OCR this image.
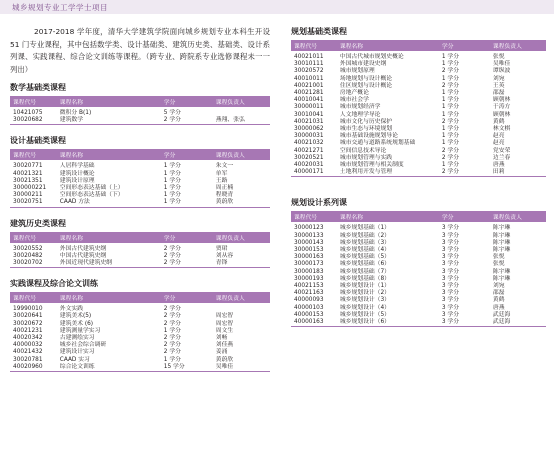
城乡规划专业工学学士项目

2017-2018 学年度，清华大学建筑学院面向城乡规划专业本科生开设 51 门专业课程，其中包括数学类、设计基础类、建筑历史类、基础类、设计系列课、实践课程、综合论文训练等课程。（跨专业、跨院系专业选修课程未一一列出）

数学基础类课程
课程代号	课程名称	学分	课程负责人
10421075	微积分 B(1)	5 学分	
30020682	建筑数学	2 学分	燕翔、张弘

设计基础类课程
课程代号	课程名称	学分	课程负责人
30020771	人居科学基础	1 学分	朱文一
40021321	建筑设计概论	1 学分	单军
30021351	建筑设计原理	1 学分	王路
300000221	空间形态表达基础（上）	1 学分	周正楠
30000211	空间形态表达基础（下）	1 学分	程晓青
30020751	CAAD 方法	1 学分	黄蔚欣

建筑历史类课程
课程代号	课程名称	学分	课程负责人
30020552	外国古代建筑史纲	2 学分	贾珺
30020482	中国古代建筑史纲	2 学分	刘从容
30020702	外国近现代建筑史纲	2 学分	青锋

实践课程及综合论文训练
课程代号	课程名称	学分	课程负责人
19990010	外文实践	2 学分	
30020641	建筑美术(5)	2 学分	周宏智
30020672	建筑美术 (6)	2 学分	周宏智
40021231	建筑测量学实习	1 学分	周文生
40020342	古建测绘实习	2 学分	刘畅
40000032	城乡社会综合调研	2 学分	刘佳燕
40021432	建筑设计实习	2 学分	姜涌
30020781	CAAD 实习	1 学分	黄蔚欣
40020960	综合论文训练	15 学分	吴唯佳

规划基础类课程
课程代号	课程名称	学分	课程负责人
40021011	中国古代城市规划史概论	1 学分	张悦
30010111	外国城市建设史纲	1 学分	吴唯佳
30020572	城市规划原理	2 学分	谭纵波
40010011	场地规划与设计概论	1 学分	刘宛
40021001	住区规划与设计概论	2 学分	王英
40021281	房地产概论	1 学分	邵磊
40010041	城市社会学	1 学分	顾朝林
30000011	城市规划经济学	1 学分	于涛方
30010041	人文地理学导论	1 学分	顾朝林
40021031	城市文化与历史保护	2 学分	黄鹤
30000062	城市生态与环境规划	1 学分	林文棋
30000031	城市基础设施规划导论	1 学分	赵亮
40021032	城市交通与道路系统规划基础	1 学分	赵亮
40021271	空间信息技术导论	2 学分	党安荣
30020521	城市规划管理与实践	2 学分	边兰春
40020031	城市规划管理与相关制度	1 学分	唐燕
40000171	土地利用开发与管理	2 学分	田莉

规划设计系列课
课程代号	课程名称	学分	课程负责人
30000123	城乡规划基础（1）	3 学分	陈宇琳
30000133	城乡规划基础（2）	3 学分	陈宇琳
30000143	城乡规划基础（3）	3 学分	陈宇琳
30000153	城乡规划基础（4）	3 学分	陈宇琳
30000163	城乡规划基础（5）	3 学分	张悦
30000173	城乡规划基础（6）	3 学分	张悦
30000183	城乡规划基础（7）	3 学分	陈宇琳
30000193	城乡规划基础（8）	3 学分	陈宇琳
40021153	城乡规划设计（1）	3 学分	刘宛
40021163	城乡规划设计（2）	3 学分	邵磊
40000093	城乡规划设计（3）	3 学分	黄鹤
40000103	城乡规划设计（4）	3 学分	唐燕
40000153	城乡规划设计（5）	3 学分	武廷海
40000163	城乡规划设计（6）	3 学分	武廷海
